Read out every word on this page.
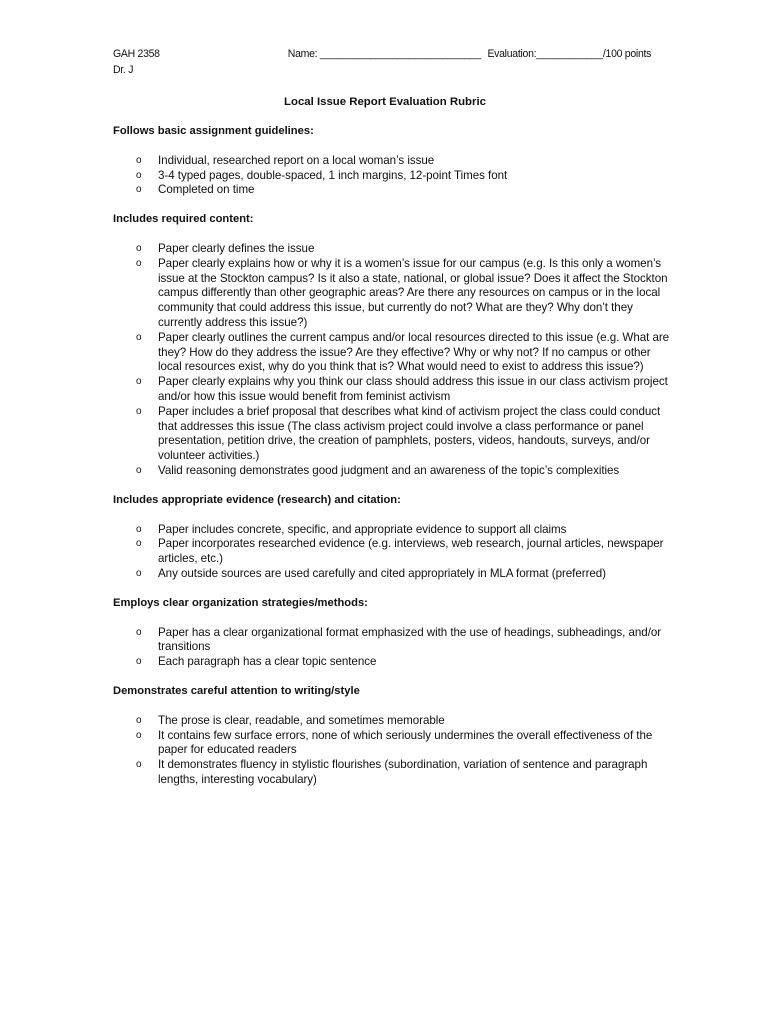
GAH 2358	Name: _____________________________ Evaluation:____________/100 points
Dr. J
Local Issue Report Evaluation Rubric
Follows basic assignment guidelines:
o Individual, researched report on a local woman’s issue
o 3-4 typed pages, double-spaced, 1 inch margins, 12-point Times font
o Completed on time
Includes required content:
o Paper clearly defines the issue
o Paper clearly explains how or why it is a women’s issue for our campus (e.g. Is this only a women’s issue at the Stockton campus? Is it also a state, national, or global issue? Does it affect the Stockton campus differently than other geographic areas? Are there any resources on campus or in the local community that could address this issue, but currently do not? What are they? Why don’t they currently address this issue?)
o Paper clearly outlines the current campus and/or local resources directed to this issue (e.g. What are they? How do they address the issue? Are they effective? Why or why not? If no campus or other local resources exist, why do you think that is? What would need to exist to address this issue?)
o Paper clearly explains why you think our class should address this issue in our class activism project and/or how this issue would benefit from feminist activism
o Paper includes a brief proposal that describes what kind of activism project the class could conduct that addresses this issue (The class activism project could involve a class performance or panel presentation, petition drive, the creation of pamphlets, posters, videos, handouts, surveys, and/or volunteer activities.)
o Valid reasoning demonstrates good judgment and an awareness of the topic’s complexities
Includes appropriate evidence (research) and citation:
o Paper includes concrete, specific, and appropriate evidence to support all claims
o Paper incorporates researched evidence (e.g. interviews, web research, journal articles, newspaper articles, etc.)
o Any outside sources are used carefully and cited appropriately in MLA format (preferred)
Employs clear organization strategies/methods:
o Paper has a clear organizational format emphasized with the use of headings, subheadings, and/or transitions
o Each paragraph has a clear topic sentence
Demonstrates careful attention to writing/style
o The prose is clear, readable, and sometimes memorable
o It contains few surface errors, none of which seriously undermines the overall effectiveness of the paper for educated readers
o It demonstrates fluency in stylistic flourishes (subordination, variation of sentence and paragraph lengths, interesting vocabulary)
